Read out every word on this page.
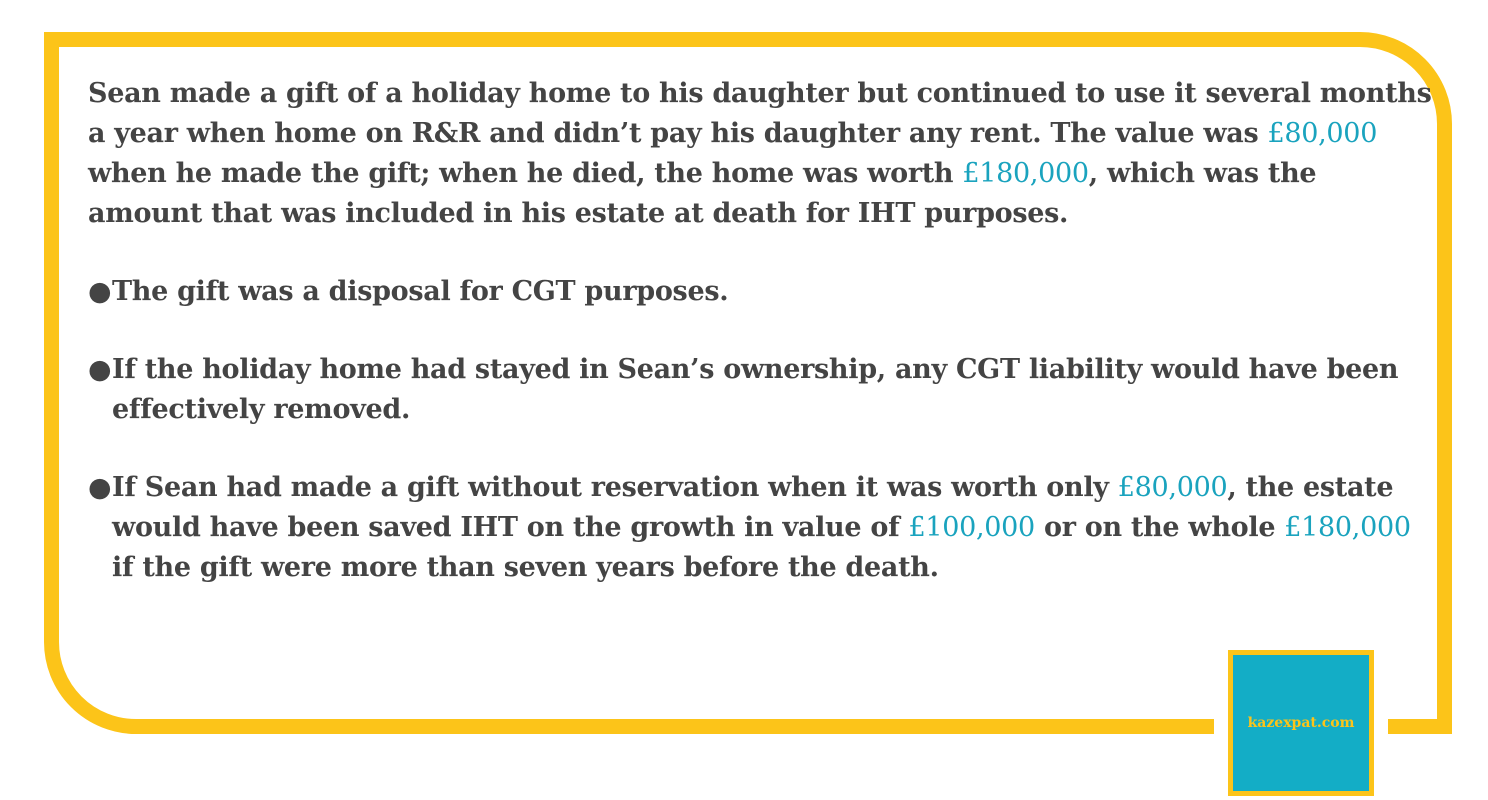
Sean made a gift of a holiday home to his daughter but continued to use it several months a year when home on R&R and didn’t pay his daughter any rent. The value was £80,000 when he made the gift; when he died, the home was worth £180,000, which was the amount that was included in his estate at death for IHT purposes.

● The gift was a disposal for CGT purposes.
● If the holiday home had stayed in Sean’s ownership, any CGT liability would have been effectively removed.
● If Sean had made a gift without reservation when it was worth only £80,000, the estate would have been saved IHT on the growth in value of £100,000 or on the whole £180,000 if the gift were more than seven years before the death.
kazexpat.com
